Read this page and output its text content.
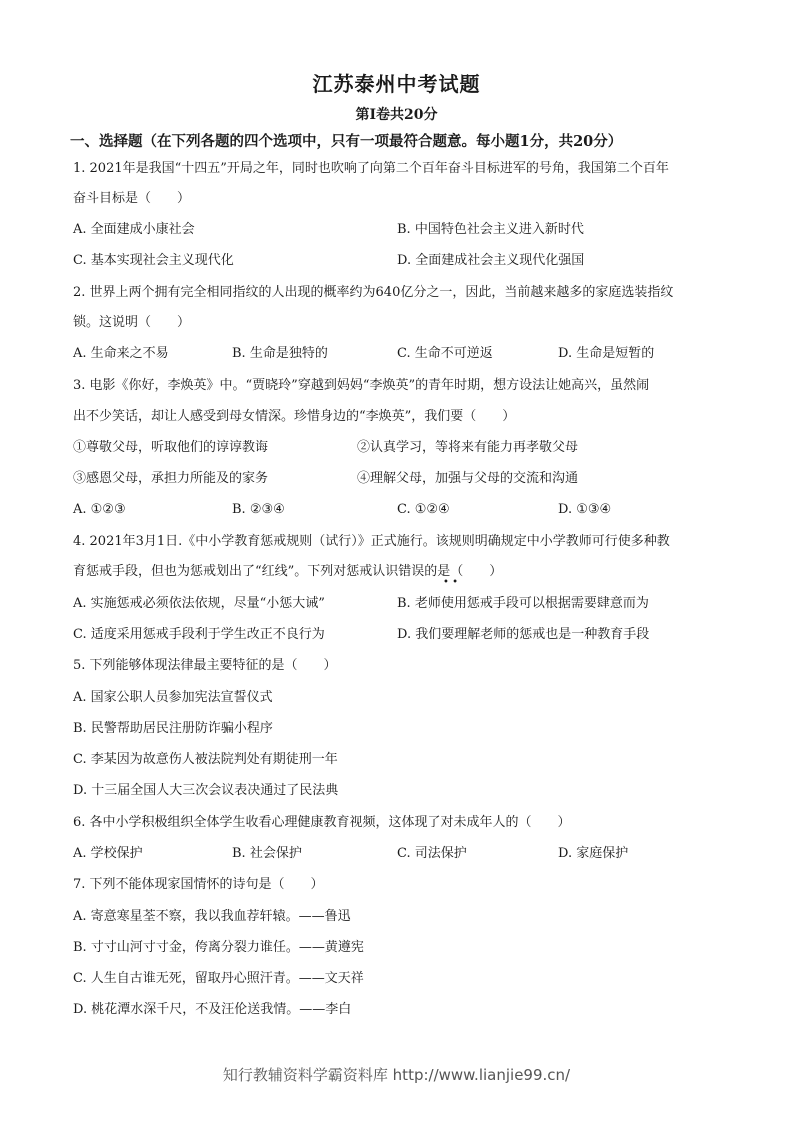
江苏泰州中考试题
第Ⅰ卷共20分
一、选择题（在下列各题的四个选项中，只有一项最符合题意。每小题1分，共20分）
1. 2021年是我国“十四五”开局之年，同时也吹响了向第二个百年奋斗目标进军的号角，我国第二个百年
奋斗目标是（　　）
A. 全面建成小康社会	B. 中国特色社会主义进入新时代
C. 基本实现社会主义现代化	D. 全面建成社会主义现代化强国
2. 世界上两个拥有完全相同指纹的人出现的概率约为640亿分之一，因此，当前越来越多的家庭选装指纹
锁。这说明（　　）
A. 生命来之不易	B. 生命是独特的	C. 生命不可逆返	D. 生命是短暂的
3. 电影《你好，李焕英》中。“贾晓玲”穿越到妈妈“李焕英”的青年时期，想方设法让她高兴，虽然闹
出不少笑话，却让人感受到母女情深。珍惜身边的“李焕英”，我们要（　　）
①尊敬父母，听取他们的谆谆教诲	②认真学习，等将来有能力再孝敬父母
③感恩父母，承担力所能及的家务	④理解父母，加强与父母的交流和沟通
A. ①②③	B. ②③④	C. ①②④	D. ①③④
4. 2021年3月1日.《中小学教育惩戒规则（试行）》正式施行。该规则明确规定中小学教师可行使多种教
育惩戒手段，但也为惩戒划出了“红线”。下列对惩戒认识错误的是（　　）
• •
A. 实施惩戒必须依法依规，尽量“小惩大诫”	B. 老师使用惩戒手段可以根据需要肆意而为
C. 适度采用惩戒手段利于学生改正不良行为	D. 我们要理解老师的惩戒也是一种教育手段
5. 下列能够体现法律最主要特征的是（　　）
A. 国家公职人员参加宪法宣誓仪式
B. 民警帮助居民注册防诈骗小程序
C. 李某因为故意伤人被法院判处有期徒刑一年
D. 十三届全国人大三次会议表决通过了民法典
6. 各中小学积极组织全体学生收看心理健康教育视频，这体现了对未成年人的（　　）
A. 学校保护	B. 社会保护	C. 司法保护	D. 家庭保护
7. 下列不能体现家国情怀的诗句是（　　）
A. 寄意寒星荃不察，我以我血荐轩辕。——鲁迅
B. 寸寸山河寸寸金，侉离分裂力谁任。——黄遵宪
C. 人生自古谁无死，留取丹心照汗青。——文天祥
D. 桃花潭水深千尺，不及汪伦送我情。——李白
知行教辅资料学霸资料库 http://www.lianjie99.cn/
